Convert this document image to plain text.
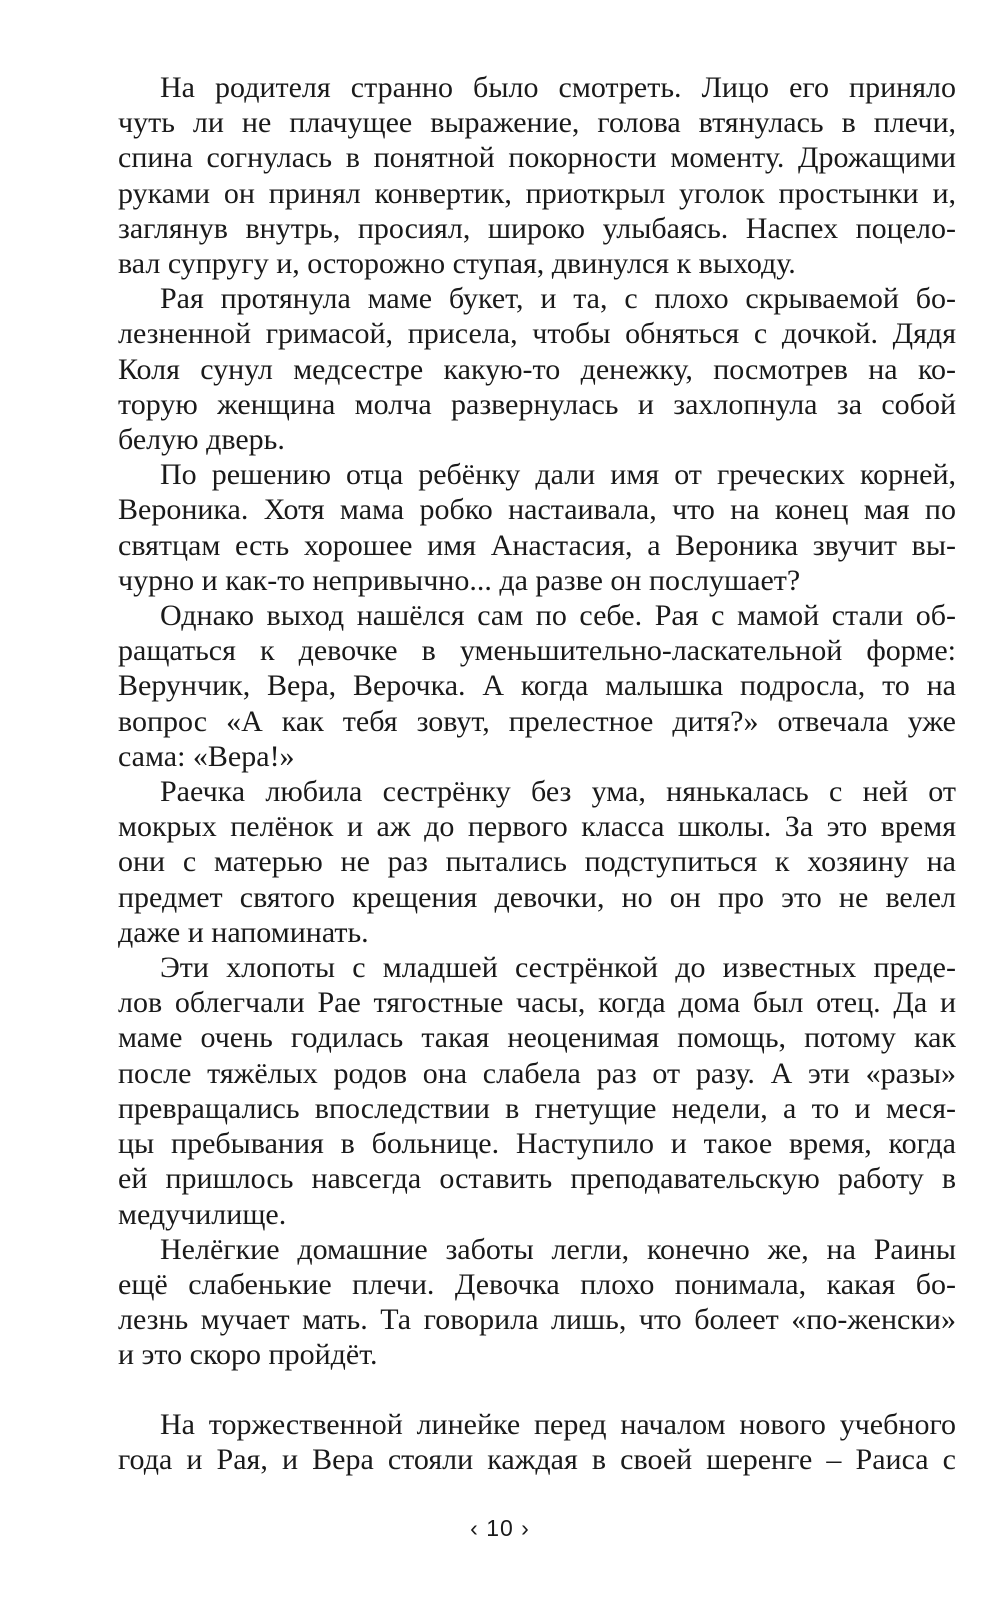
На родителя странно было смотреть. Лицо его приняло
чуть ли не плачущее выражение, голова втянулась в плечи,
спина согнулась в понятной покорности моменту. Дрожащими
руками он принял конвертик, приоткрыл уголок простынки и,
заглянув внутрь, просиял, широко улыбаясь. Наспех поцело-
вал супругу и, осторожно ступая, двинулся к выходу.
Рая протянула маме букет, и та, с плохо скрываемой бо-
лезненной гримасой, присела, чтобы обняться с дочкой. Дядя
Коля сунул медсестре какую-то денежку, посмотрев на ко-
торую женщина молча развернулась и захлопнула за собой
белую дверь.
По решению отца ребёнку дали имя от греческих корней,
Вероника. Хотя мама робко настаивала, что на конец мая по
святцам есть хорошее имя Анастасия, а Вероника звучит вы-
чурно и как-то непривычно... да разве он послушает?
Однако выход нашёлся сам по себе. Рая с мамой стали об-
ращаться к девочке в уменьшительно-ласкательной форме:
Верунчик, Вера, Верочка. А когда малышка подросла, то на
вопрос «А как тебя зовут, прелестное дитя?» отвечала уже
сама: «Вера!»
Раечка любила сестрёнку без ума, нянькалась с ней от
мокрых пелёнок и аж до первого класса школы. За это время
они с матерью не раз пытались подступиться к хозяину на
предмет святого крещения девочки, но он про это не велел
даже и напоминать.
Эти хлопоты с младшей сестрёнкой до известных преде-
лов облегчали Рае тягостные часы, когда дома был отец. Да и
маме очень годилась такая неоценимая помощь, потому как
после тяжёлых родов она слабела раз от разу. А эти «разы»
превращались впоследствии в гнетущие недели, а то и меся-
цы пребывания в больнице. Наступило и такое время, когда
ей пришлось навсегда оставить преподавательскую работу в
медучилище.
Нелёгкие домашние заботы легли, конечно же, на Раины
ещё слабенькие плечи. Девочка плохо понимала, какая бо-
лезнь мучает мать. Та говорила лишь, что болеет «по-женски»
и это скоро пройдёт.
На торжественной линейке перед началом нового учебного
года и Рая, и Вера стояли каждая в своей шеренге – Раиса с
‹ 10 ›
